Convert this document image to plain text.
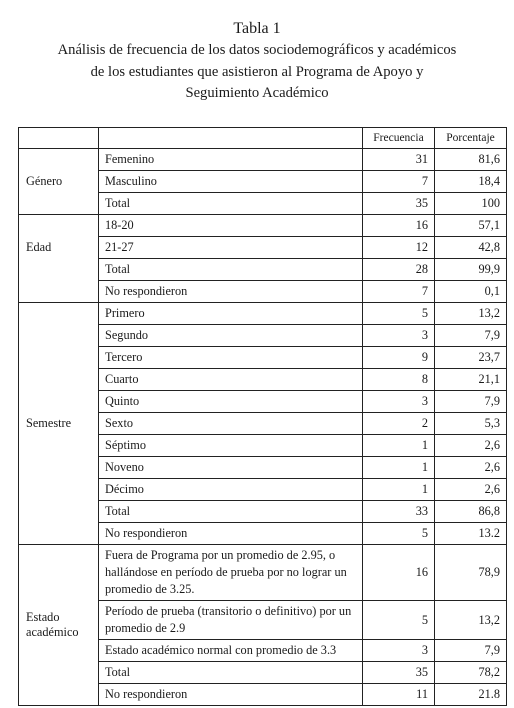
Tabla 1
Análisis de frecuencia de los datos sociodemográficos y académicos
de los estudiantes que asistieron al Programa de Apoyo y
Seguimiento Académico
		Frecuencia	Porcentaje
Género	Femenino	31	81,6
	Masculino	7	18,4
	Total	35	100
Edad	18-20	16	57,1
	21-27	12	42,8
	Total	28	99,9
	No respondieron	7	0,1
Semestre	Primero	5	13,2
	Segundo	3	7,9
	Tercero	9	23,7
	Cuarto	8	21,1
	Quinto	3	7,9
	Sexto	2	5,3
	Séptimo	1	2,6
	Noveno	1	2,6
	Décimo	1	2,6
	Total	33	86,8
	No respondieron	5	13.2
Estado académico	Fuera de Programa por un promedio de 2.95, o hallándose en período de prueba por no lograr un promedio de 3.25.	16	78,9
	Período de prueba (transitorio o definitivo) por un promedio de 2.9	5	13,2
	Estado académico normal con promedio de 3.3	3	7,9
	Total	35	78,2
	No respondieron	11	21.8
